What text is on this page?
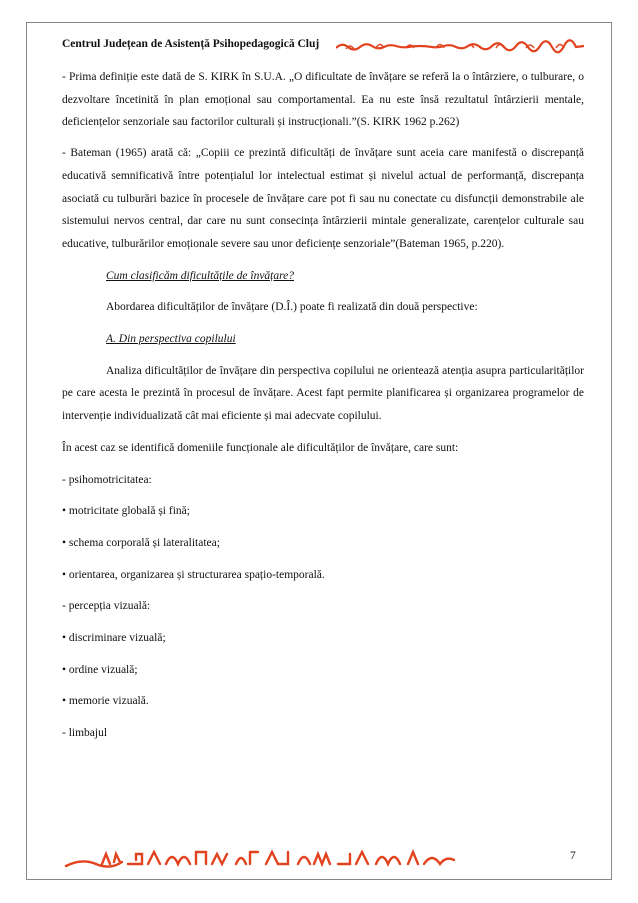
Centrul Județean de Asistență Psihopedagogică Cluj

- Prima definiție este dată de S. KIRK în S.U.A. „O dificultate de învățare se referă la o întârziere, o tulburare, o dezvoltare încetinită în plan emoțional sau comportamental. Ea nu este însă rezultatul întârzierii mentale, deficiențelor senzoriale sau factorilor culturali și instrucționali.”(S. KIRK 1962 p.262)

- Bateman (1965) arată că: „Copiii ce prezintă dificultăți de învățare sunt aceia care manifestă o discrepanță educativă semnificativă între potențialul lor intelectual estimat și nivelul actual de performanță, discrepanța asociată cu tulburări bazice în procesele de învățare care pot fi sau nu conectate cu disfuncții demonstrabile ale sistemului nervos central, dar care nu sunt consecința întârzierii mintale generalizate, carențelor culturale sau educative, tulburărilor emoționale severe sau unor deficiențe senzoriale”(Bateman 1965, p.220).

Cum clasificăm dificultățile de învățare?

Abordarea dificultăților de învățare (D.Î.) poate fi realizată din două perspective:

A. Din perspectiva copilului

Analiza dificultăților de învățare din perspectiva copilului ne orientează atenția asupra particularităților pe care acesta le prezintă în procesul de învățare. Acest fapt permite planificarea și organizarea programelor de intervenție individualizată cât mai eficiente și mai adecvate copilului.

În acest caz se identifică domeniile funcționale ale dificultăților de învățare, care sunt:

- psihomotricitatea:

• motricitate globală și fină;

• schema corporală și lateralitatea;

• orientarea, organizarea și structurarea spațio-temporală.

- percepția vizuală:

• discriminare vizuală;

• ordine vizuală;

• memorie vizuală.

- limbajul

7
